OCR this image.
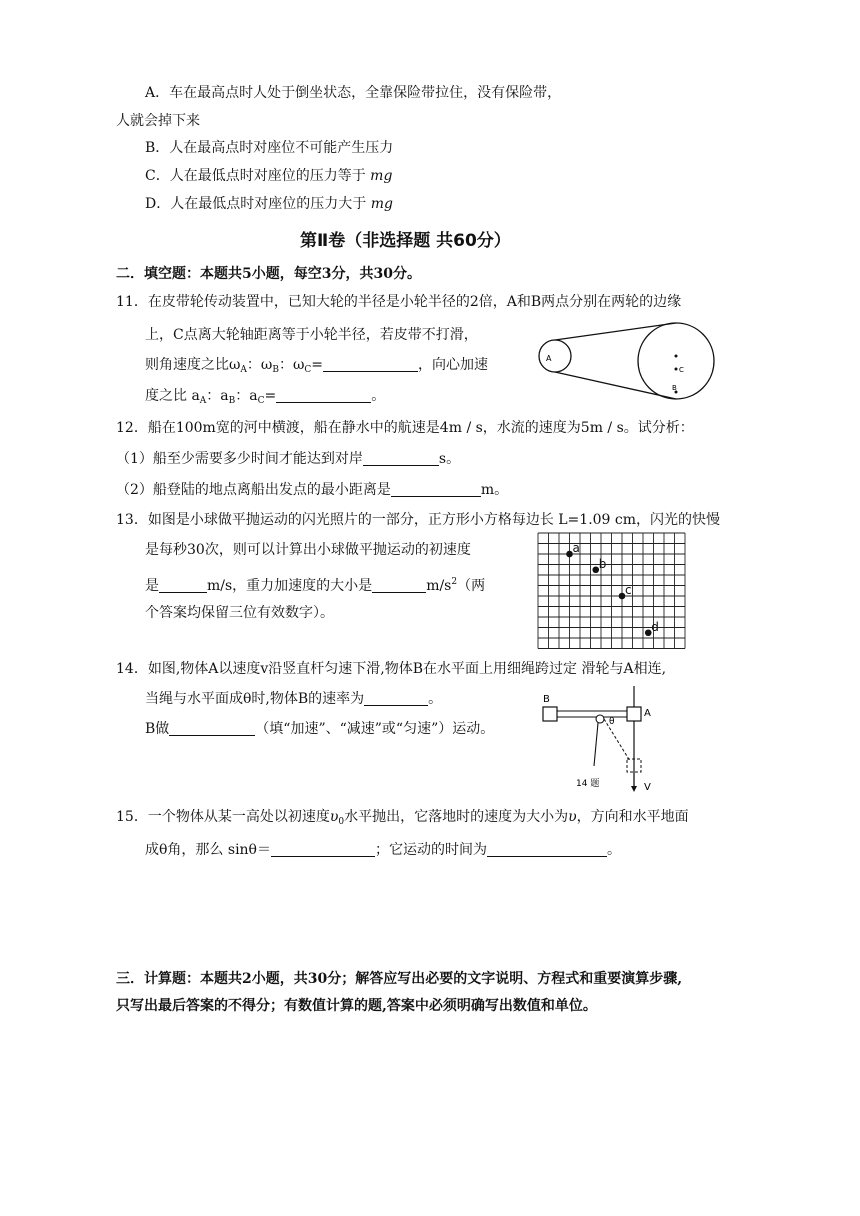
A．车在最高点时人处于倒坐状态，全靠保险带拉住，没有保险带，
人就会掉下来
B．人在最高点时对座位不可能产生压力
C．人在最低点时对座位的压力等于 mg
D．人在最低点时对座位的压力大于 mg
第Ⅱ卷（非选择题 共60分）
二．填空题：本题共5小题，每空3分，共30分。
11．在皮带轮传动装置中，已知大轮的半径是小轮半径的2倍，A和B两点分别在两轮的边缘
上，C点离大轮轴距离等于小轮半径，若皮带不打滑，
则角速度之比$\omega_A$：$\omega_B$：$\omega_C=$	，向心加速
度之比 $a_A$：$a_B$：$a_C=$	。
A
C
B
12．船在100m宽的河中横渡，船在静水中的航速是4m / s，水流的速度为5m / s。试分析：
（1）船至少需要多少时间才能达到对岸	s。
（2）船登陆的地点离船出发点的最小距离是	m。
13．如图是小球做平抛运动的闪光照片的一部分，正方形小方格每边长 L=1.09 cm，闪光的快慢
是每秒30次，则可以计算出小球做平抛运动的初速度
是	m/s，重力加速度的大小是	$m/s^2$（两
个答案均保留三位有效数字）。
a
b
c
d
14．如图,物体A以速度v沿竖直杆匀速下滑,物体B在水平面上用细绳跨过定 滑轮与A相连,
当绳与水平面成θ时,物体B的速率为	。
B做	（填“加速”、“减速”或“匀速”）运动。
B
A
θ
V
14 题
15．一个物体从某一高处以初速度$\upsilon_0$水平抛出，它落地时的速度为大小为υ，方向和水平地面
成θ角，那么 sinθ＝	；它运动的时间为	。
三．计算题：本题共2小题，共30分；解答应写出必要的文字说明、方程式和重要演算步骤,
只写出最后答案的不得分；有数值计算的题,答案中必须明确写出数值和单位。
